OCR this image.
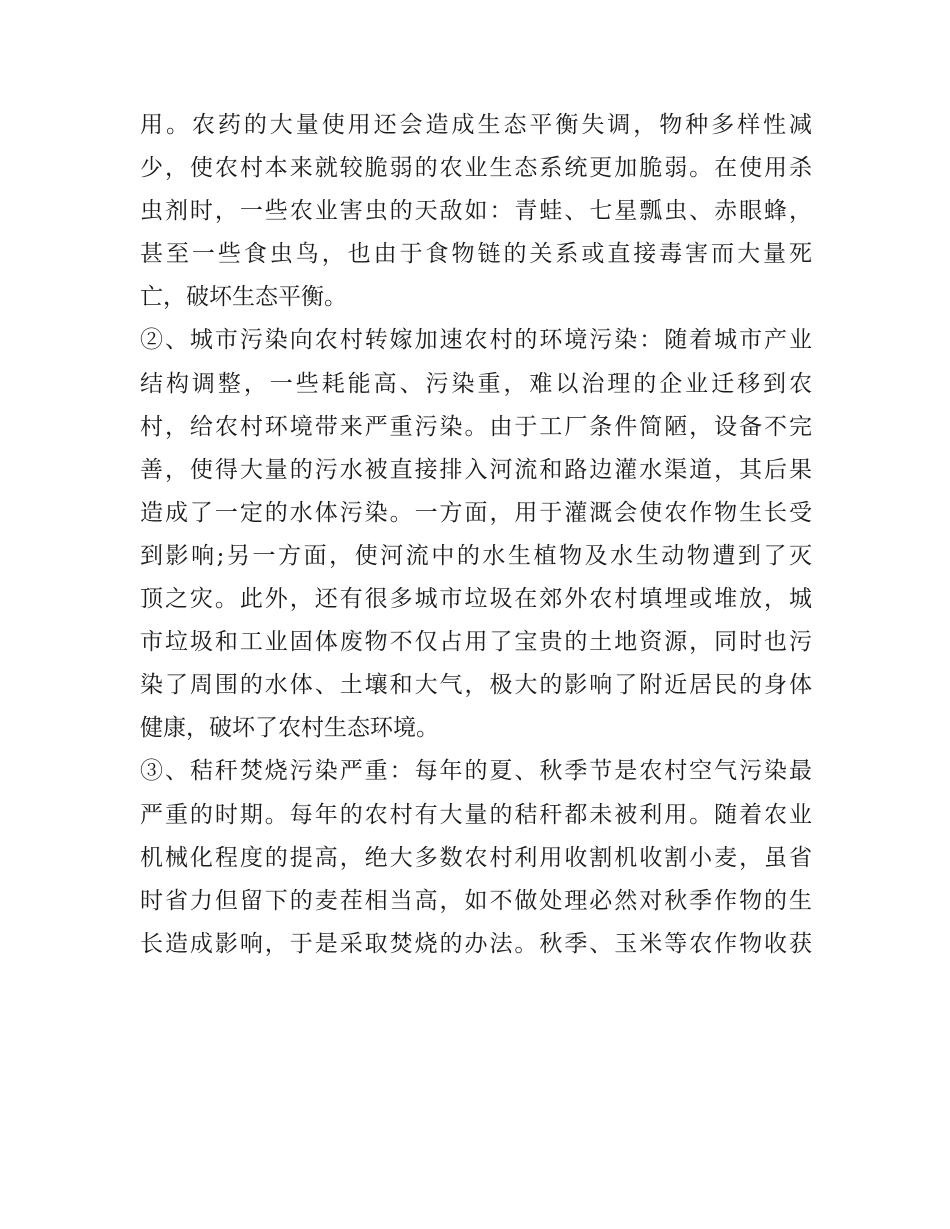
用。农药的大量使用还会造成生态平衡失调，物种多样性减
少，使农村本来就较脆弱的农业生态系统更加脆弱。在使用杀
虫剂时，一些农业害虫的天敌如：青蛙、七星瓢虫、赤眼蜂，
甚至一些食虫鸟，也由于食物链的关系或直接毒害而大量死
亡，破坏生态平衡。
②、城市污染向农村转嫁加速农村的环境污染：随着城市产业
结构调整，一些耗能高、污染重，难以治理的企业迁移到农
村，给农村环境带来严重污染。由于工厂条件简陋，设备不完
善，使得大量的污水被直接排入河流和路边灌水渠道，其后果
造成了一定的水体污染。一方面，用于灌溉会使农作物生长受
到影响;另一方面，使河流中的水生植物及水生动物遭到了灭
顶之灾。此外，还有很多城市垃圾在郊外农村填埋或堆放，城
市垃圾和工业固体废物不仅占用了宝贵的土地资源，同时也污
染了周围的水体、土壤和大气，极大的影响了附近居民的身体
健康，破坏了农村生态环境。
③、秸秆焚烧污染严重：每年的夏、秋季节是农村空气污染最
严重的时期。每年的农村有大量的秸秆都未被利用。随着农业
机械化程度的提高，绝大多数农村利用收割机收割小麦，虽省
时省力但留下的麦茬相当高，如不做处理必然对秋季作物的生
长造成影响，于是采取焚烧的办法。秋季、玉米等农作物收获
